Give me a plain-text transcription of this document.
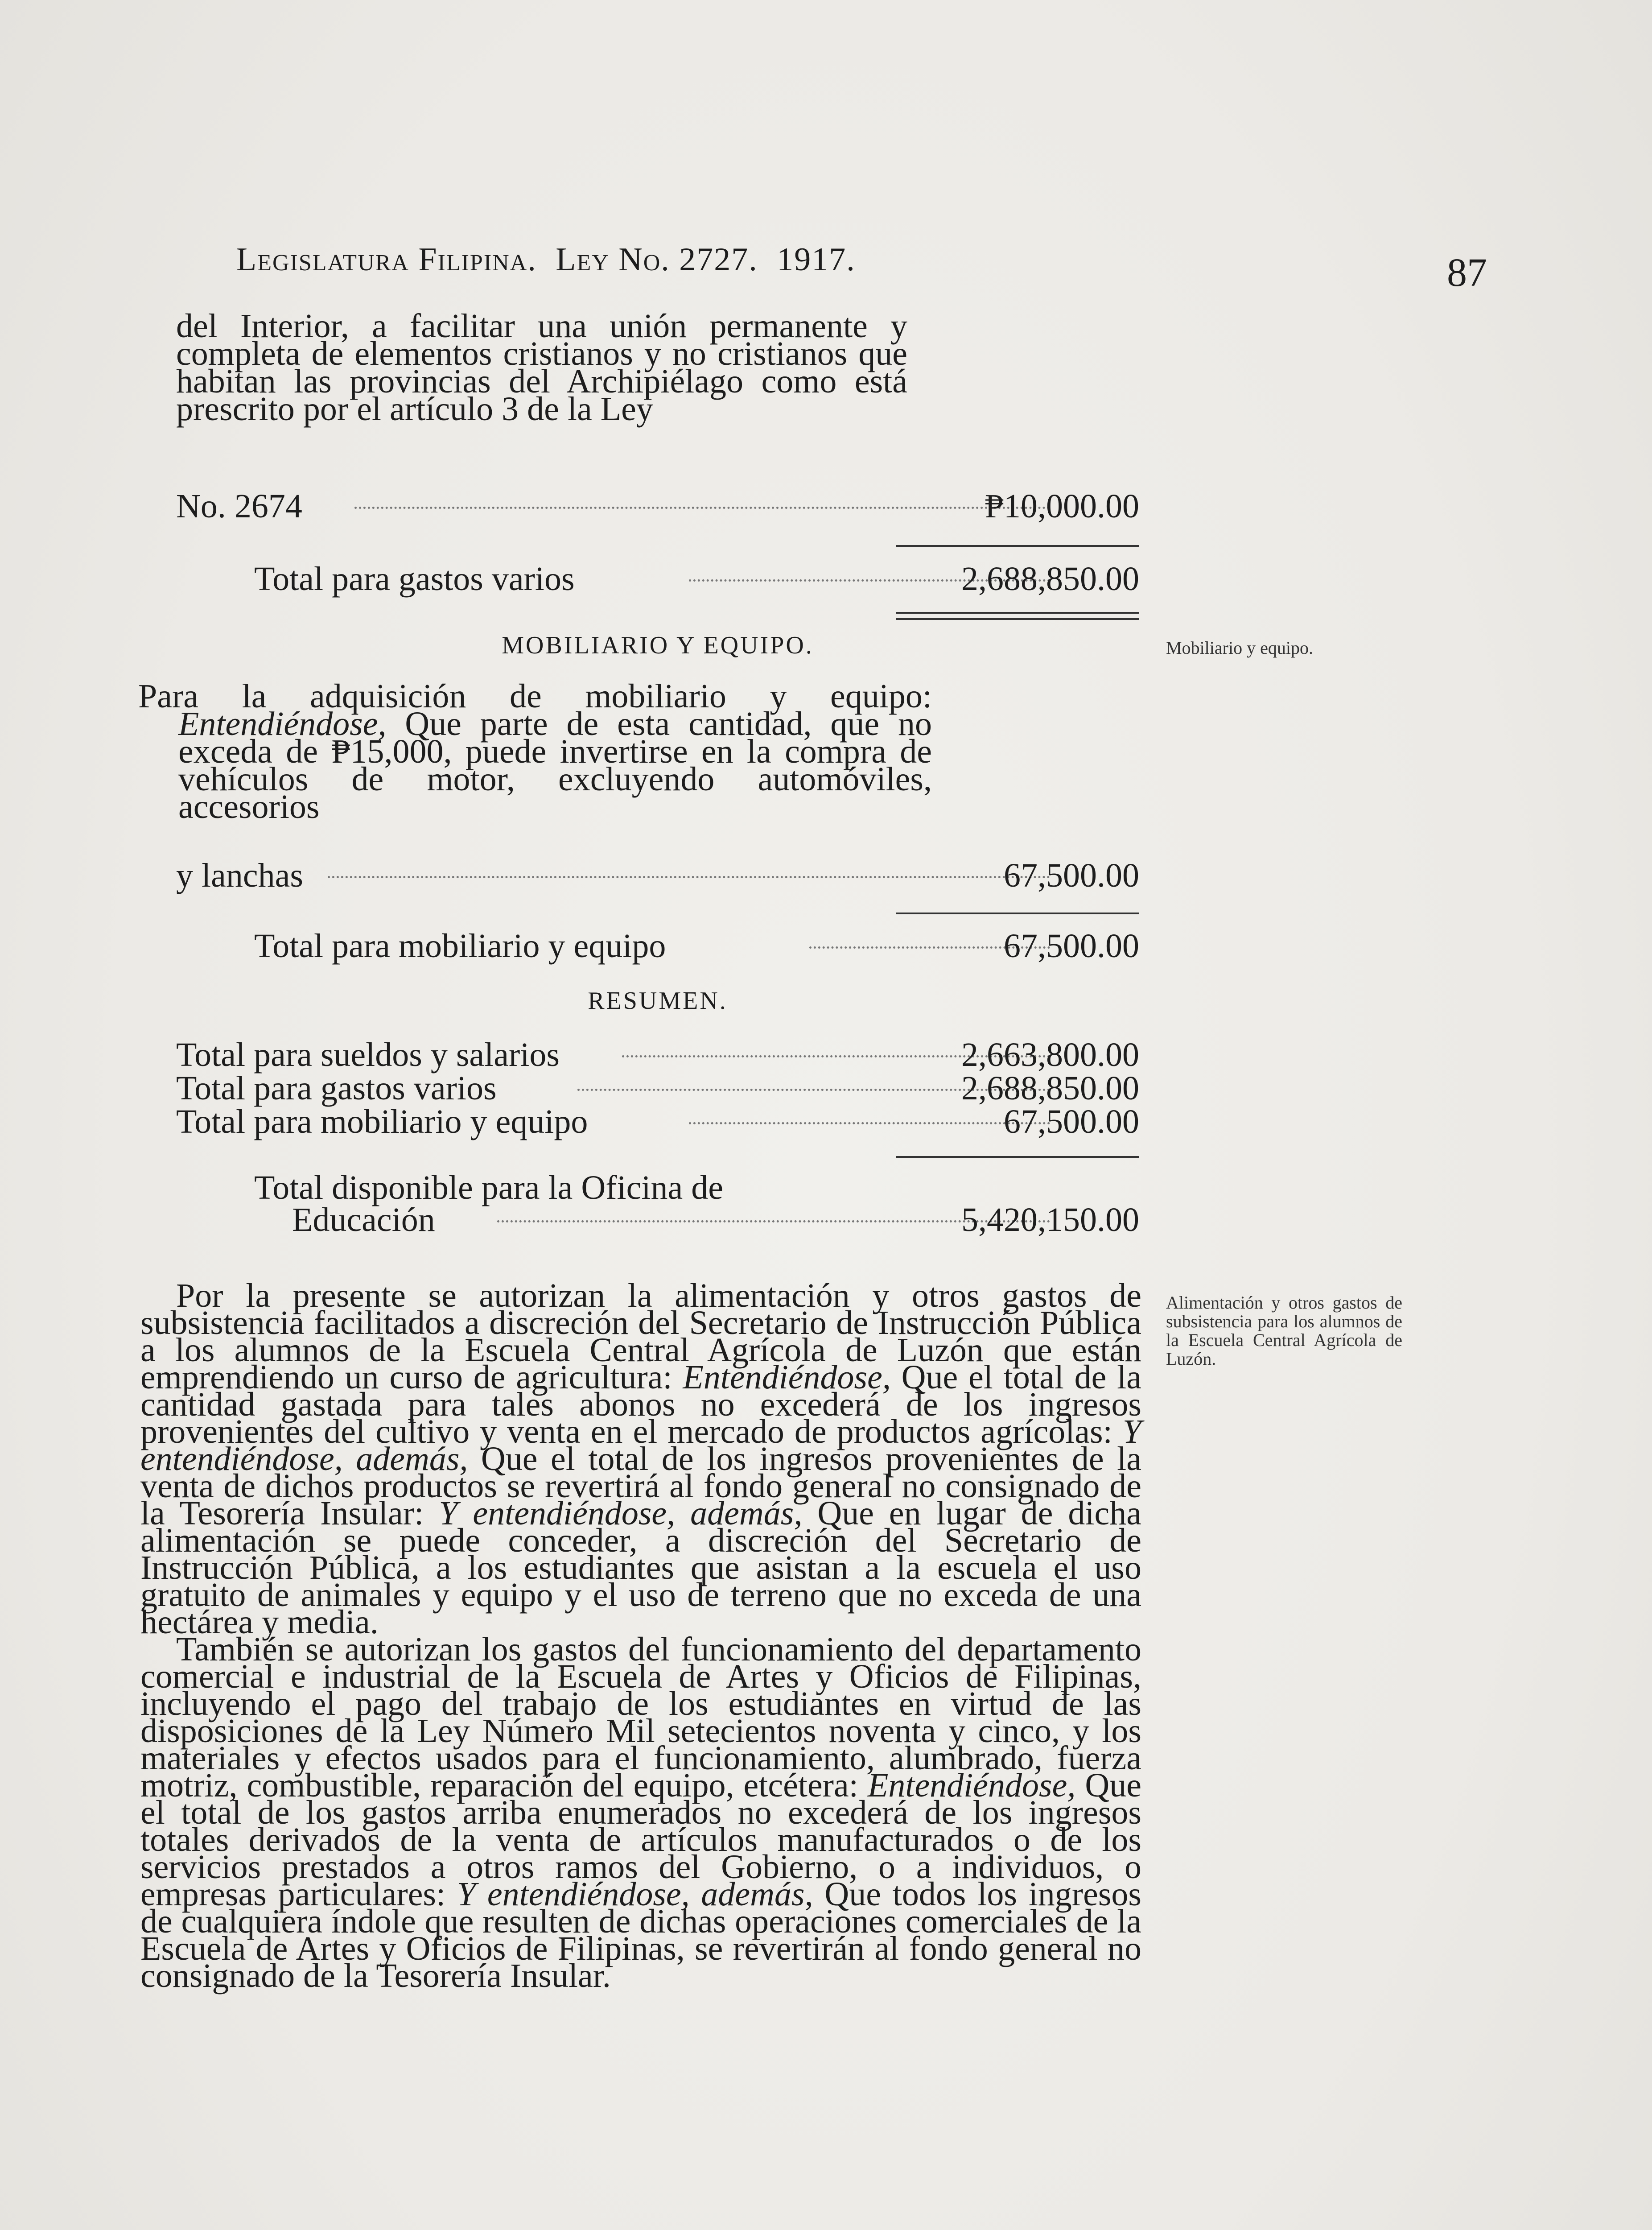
Legislatura Filipina. Ley No. 2727. 1917.	87
del Interior, a facilitar una unión permanente y completa de elementos cristianos y no cristianos que habitan las provincias del Archipiélago como está prescrito por el artículo 3 de la Ley
No. 2674	₱10,000.00
Total para gastos varios	2,688,850.00
MOBILIARIO Y EQUIPO.	Mobiliario y equipo.
Para la adquisición de mobiliario y equipo: Entendiéndose, Que parte de esta cantidad, que no exceda de ₱15,000, puede invertirse en la compra de vehículos de motor, excluyendo automóviles, accesorios
y lanchas	67,500.00
Total para mobiliario y equipo	67,500.00
RESUMEN.
Total para sueldos y salarios	2,663,800.00
Total para gastos varios	2,688,850.00
Total para mobiliario y equipo	67,500.00
Total disponible para la Oficina de
Educación	5,420,150.00
Alimentación y otros gastos de subsistencia para los alumnos de la Escuela Central Agrícola de Luzón.

Por la presente se autorizan la alimentación y otros gastos de subsistencia facilitados a discreción del Secretario de Instrucción Pública a los alumnos de la Escuela Central Agrícola de Luzón que están emprendiendo un curso de agricultura: Entendiéndose, Que el total de la cantidad gastada para tales abonos no excederá de los ingresos provenientes del cultivo y venta en el mercado de productos agrícolas: Y entendiéndose, además, Que el total de los ingresos provenientes de la venta de dichos productos se revertirá al fondo general no consignado de la Tesorería Insular: Y entendiéndose, además, Que en lugar de dicha alimentación se puede conceder, a discreción del Secretario de Instrucción Pública, a los estudiantes que asistan a la escuela el uso gratuito de animales y equipo y el uso de terreno que no exceda de una hectárea y media.

También se autorizan los gastos del funcionamiento del departamento comercial e industrial de la Escuela de Artes y Oficios de Filipinas, incluyendo el pago del trabajo de los estudiantes en virtud de las disposiciones de la Ley Número Mil setecientos noventa y cinco, y los materiales y efectos usados para el funcionamiento, alumbrado, fuerza motriz, combustible, reparación del equipo, etcétera: Entendiéndose, Que el total de los gastos arriba enumerados no excederá de los ingresos totales derivados de la venta de artículos manufacturados o de los servicios prestados a otros ramos del Gobierno, o a individuos, o empresas particulares: Y entendiéndose, además, Que todos los ingresos de cualquiera índole que resulten de dichas operaciones comerciales de la Escuela de Artes y Oficios de Filipinas, se revertirán al fondo general no consignado de la Tesorería Insular.
